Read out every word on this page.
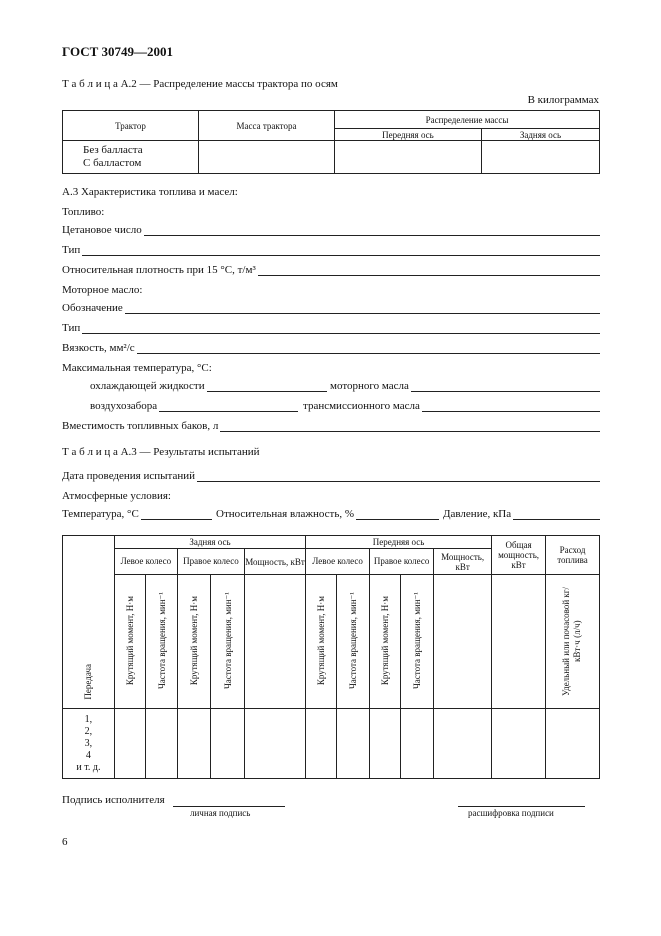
ГОСТ 30749—2001
Т а б л и ц а А.2 — Распределение массы трактора по осям
В килограммах
Трактор	Масса трактора	Распределение массы	
		Передняя ось	Задняя ось

Без балласта
С балластом			

А.3 Характеристика топлива и масел:
Топливо:
Цетановое число
Тип
Относительная плотность при 15 °С, т/м³
Моторное масло:
Обозначение
Тип
Вязкость, мм²/с
Максимальная температура, °С:
охлаждающей жидкости	моторного масла
воздухозабора	трансмиссионного масла
Вместимость топливных баков, л
Т а б л и ц а А.3 — Результаты испытаний
Дата проведения испытаний
Атмосферные условия:
Температура, °С	Относительная влажность, %	Давление, кПа
Передача	Задняя ось					Передняя ось					Общая мощность, кВт	Расход топлива
	Левое колесо		Правое колесо		Мощность, кВт	Левое колесо		Правое колесо		Мощность, кВт		
	Крутящий момент, Н·м	Частота вращения, мин⁻¹	Крутящий момент, Н·м	Частота вращения, мин⁻¹		Крутящий момент, Н·м	Частота вращения, мин⁻¹	Крутящий момент, Н·м	Частота вращения, мин⁻¹			Удельный или почасовой кг/кВт·ч (л/ч)

1,
2,
3,
4
и т. д.												

Подпись исполнителя
личная подпись	расшифровка подписи
6
